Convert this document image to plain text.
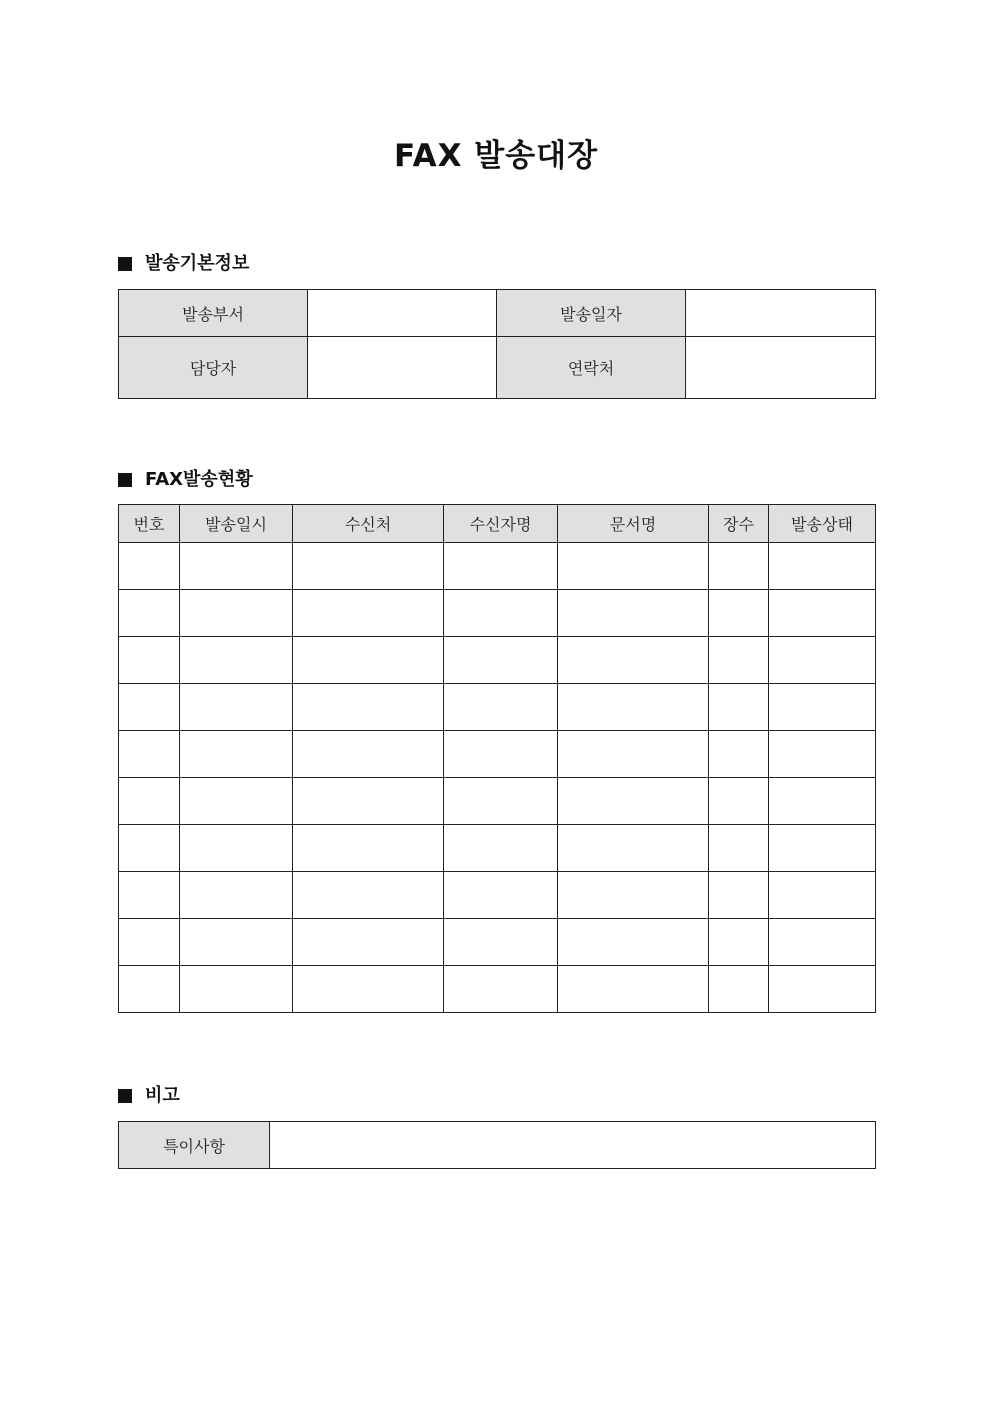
FAX 발송대장
발송기본정보
발송부서		발송일자	
담당자		연락처	
FAX발송현황
번호	발송일시	수신처	수신자명	문서명	장수	발송상태

비고
특이사항	
